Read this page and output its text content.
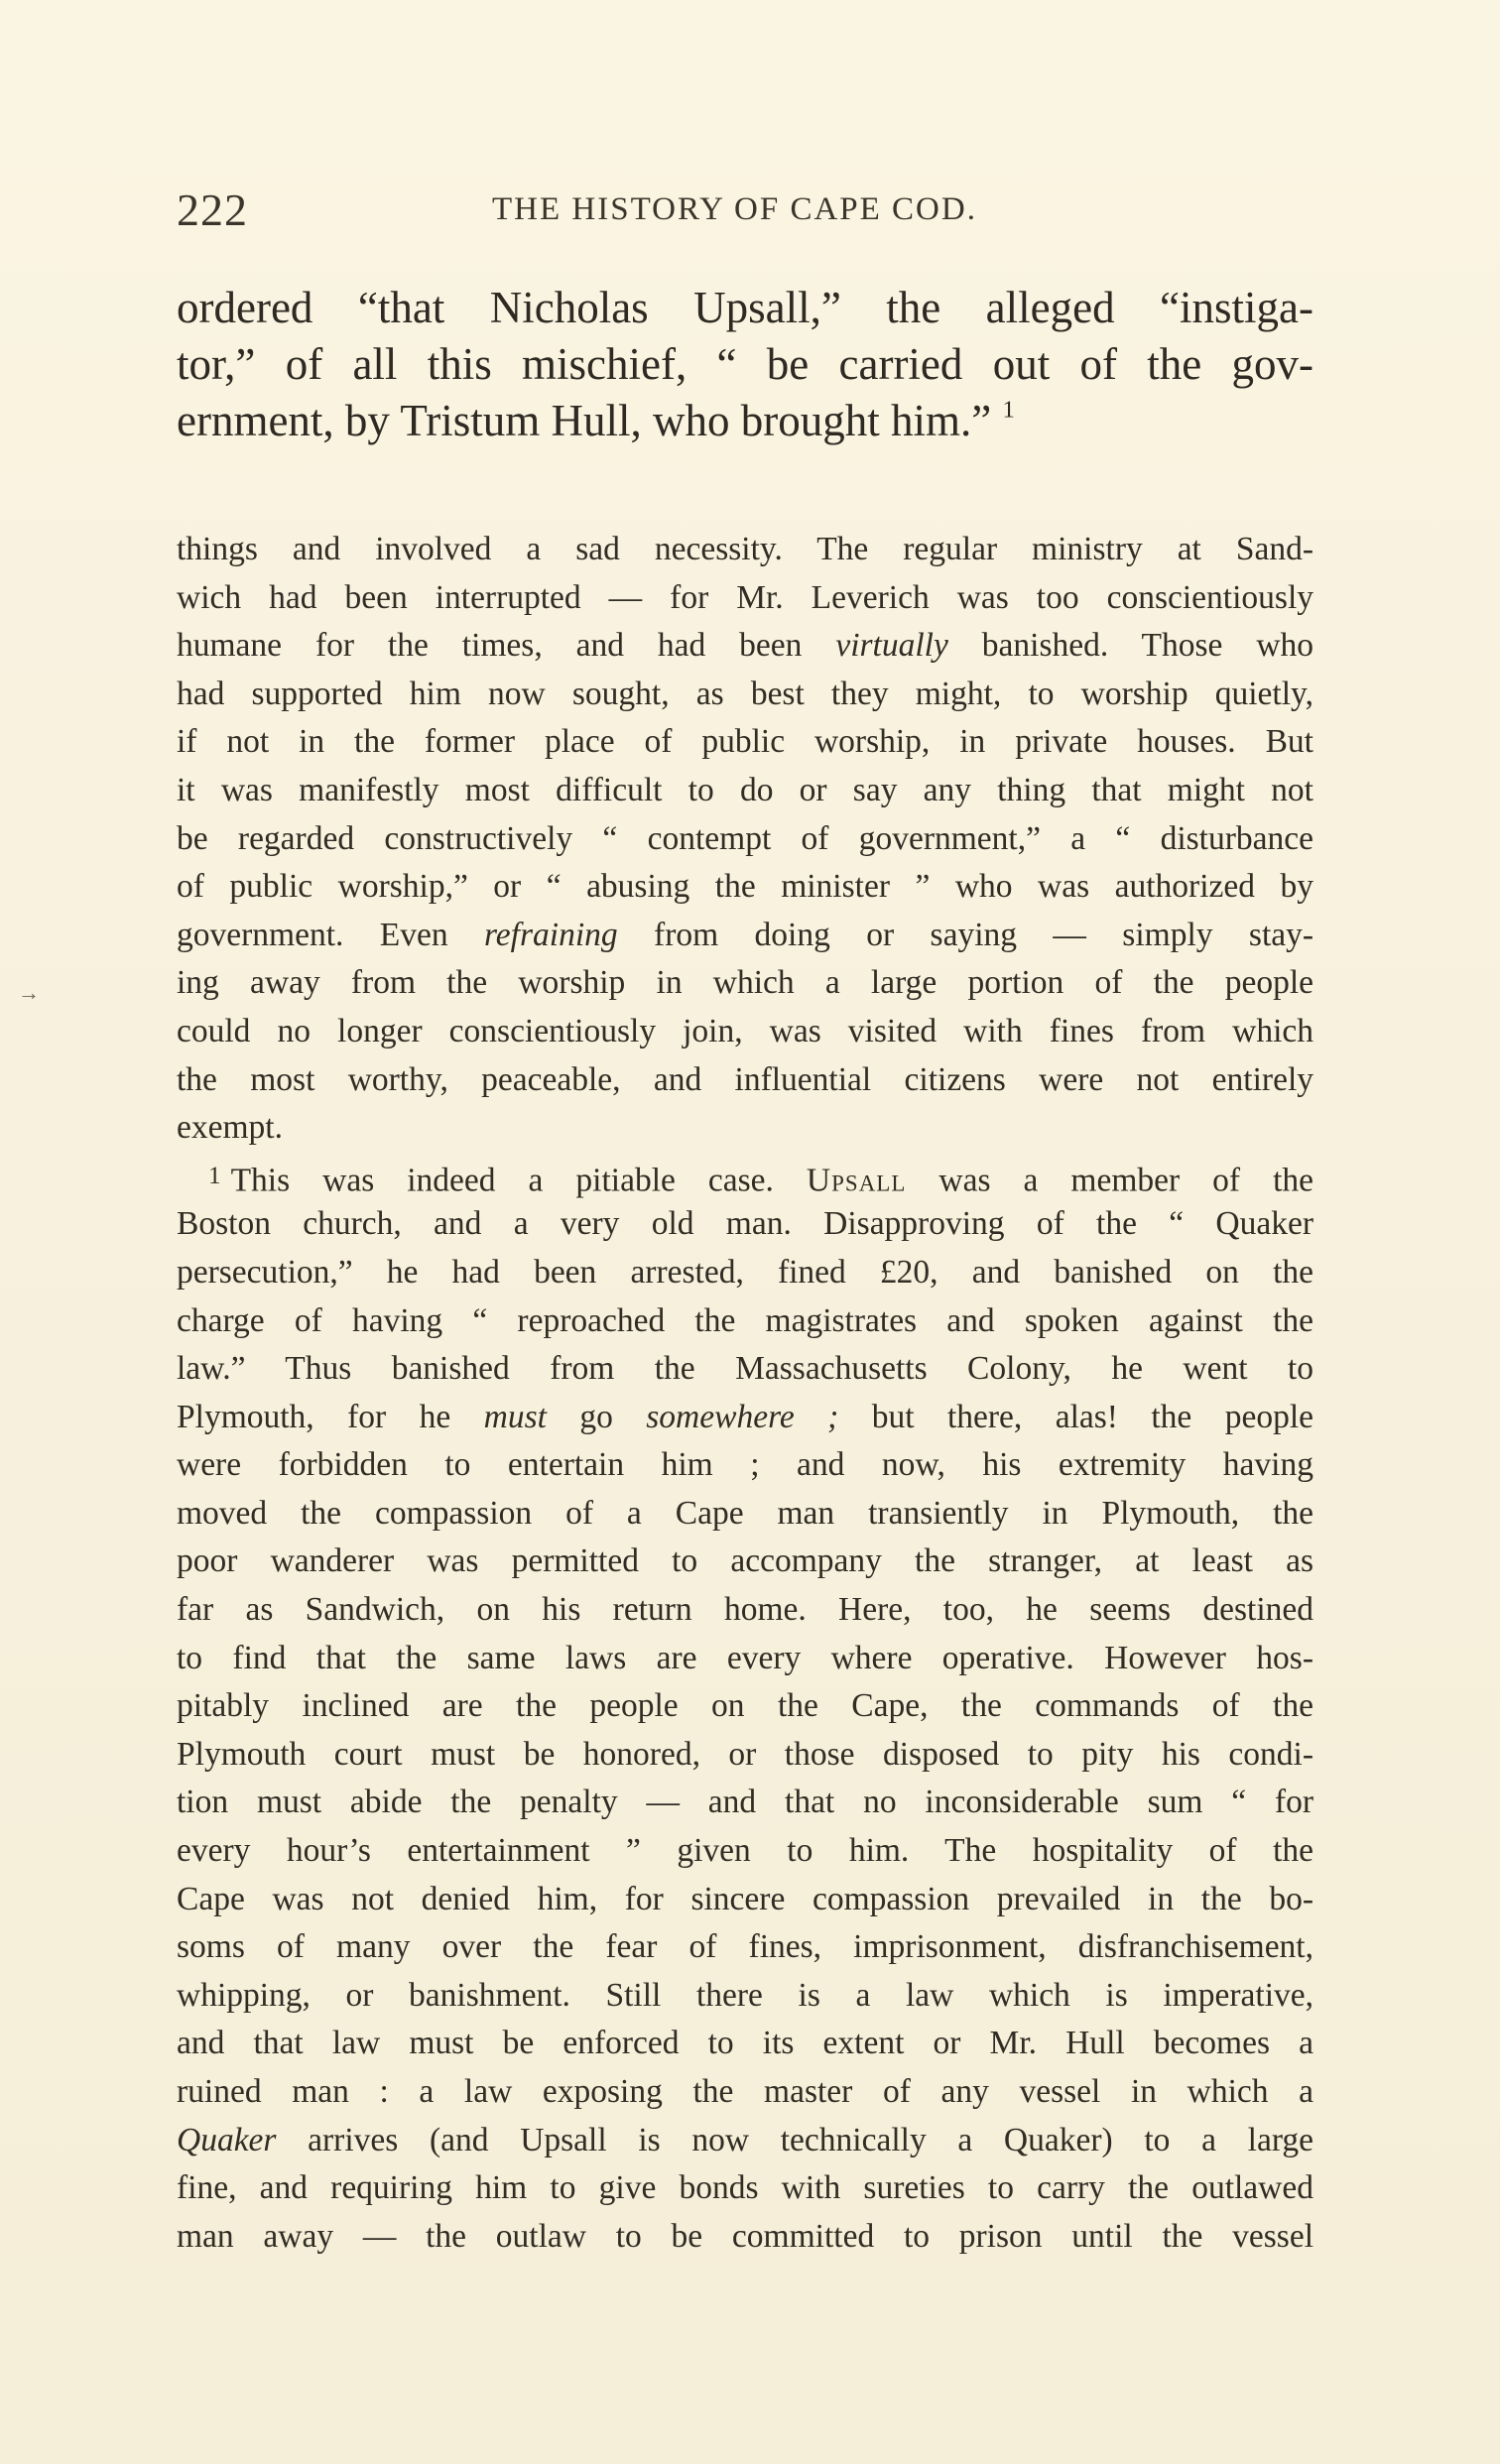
222	THE HISTORY OF CAPE COD.
ordered “that Nicholas Upsall,” the alleged “instiga-
tor,” of all this mischief, “ be carried out of the gov-
ernment, by Tristum Hull, who brought him.” $^1$
things and involved a sad necessity. The regular ministry at Sand-
wich had been interrupted — for Mr. Leverich was too conscientiously
humane for the times, and had been virtually banished. Those who
had supported him now sought, as best they might, to worship quietly,
if not in the former place of public worship, in private houses. But
it was manifestly most difficult to do or say any thing that might not
be regarded constructively “ contempt of government,” a “ disturbance
of public worship,” or “ abusing the minister ” who was authorized by
government. Even refraining from doing or saying — simply stay-
ing away from the worship in which a large portion of the people
could no longer conscientiously join, was visited with fines from which
the most worthy, peaceable, and influential citizens were not entirely
exempt.
$^1$ This was indeed a pitiable case. Upsall was a member of the
Boston church, and a very old man. Disapproving of the “ Quaker
persecution,” he had been arrested, fined £20, and banished on the
charge of having “ reproached the magistrates and spoken against the
law.” Thus banished from the Massachusetts Colony, he went to
Plymouth, for he must go somewhere ; but there, alas! the people
were forbidden to entertain him ; and now, his extremity having
moved the compassion of a Cape man transiently in Plymouth, the
poor wanderer was permitted to accompany the stranger, at least as
far as Sandwich, on his return home. Here, too, he seems destined
to find that the same laws are every where operative. However hos-
pitably inclined are the people on the Cape, the commands of the
Plymouth court must be honored, or those disposed to pity his condi-
tion must abide the penalty — and that no inconsiderable sum “ for
every hour’s entertainment ” given to him. The hospitality of the
Cape was not denied him, for sincere compassion prevailed in the bo-
soms of many over the fear of fines, imprisonment, disfranchisement,
whipping, or banishment. Still there is a law which is imperative,
and that law must be enforced to its extent or Mr. Hull becomes a
ruined man : a law exposing the master of any vessel in which a
Quaker arrives (and Upsall is now technically a Quaker) to a large
fine, and requiring him to give bonds with sureties to carry the outlawed
man away — the outlaw to be committed to prison until the vessel
→
